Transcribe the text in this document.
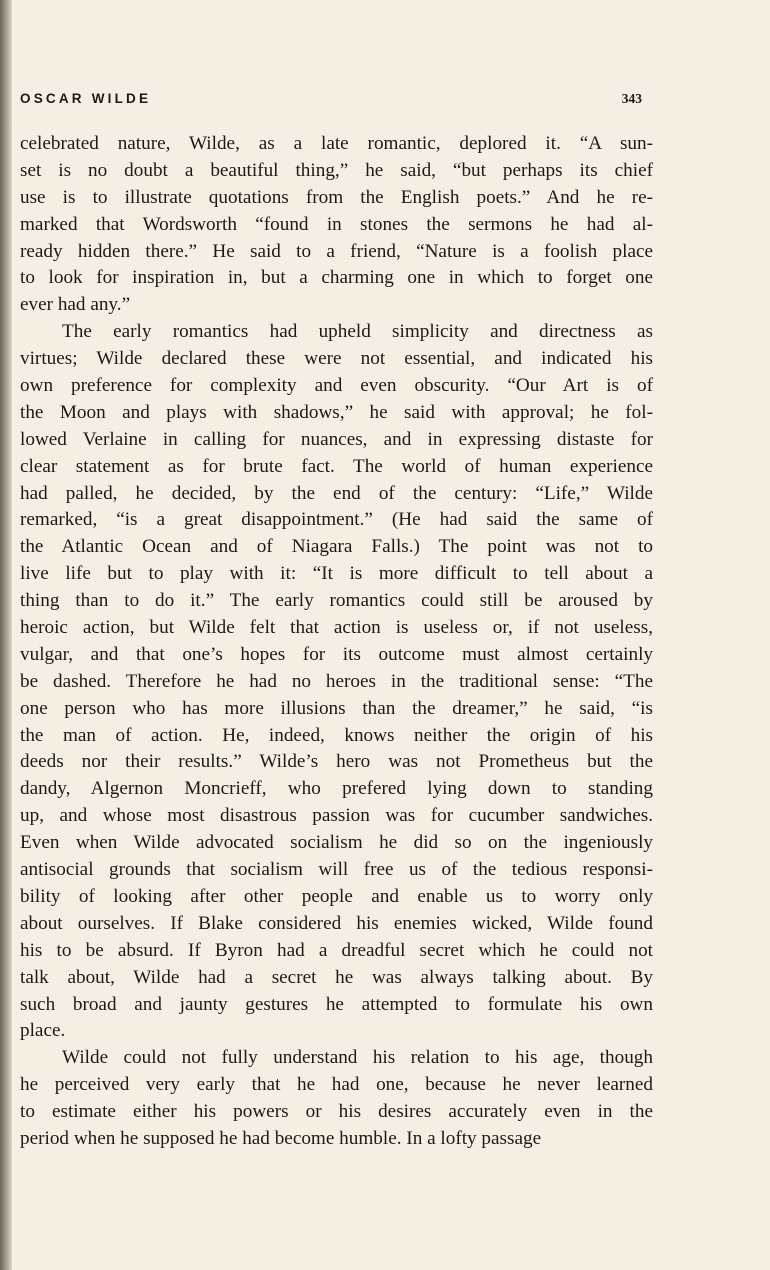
OSCAR WILDE	343
celebrated nature, Wilde, as a late romantic, deplored it. “A sun-
set is no doubt a beautiful thing,” he said, “but perhaps its chief
use is to illustrate quotations from the English poets.” And he re-
marked that Wordsworth “found in stones the sermons he had al-
ready hidden there.” He said to a friend, “Nature is a foolish place
to look for inspiration in, but a charming one in which to forget one
ever had any.”
The early romantics had upheld simplicity and directness as
virtues; Wilde declared these were not essential, and indicated his
own preference for complexity and even obscurity. “Our Art is of
the Moon and plays with shadows,” he said with approval; he fol-
lowed Verlaine in calling for nuances, and in expressing distaste for
clear statement as for brute fact. The world of human experience
had palled, he decided, by the end of the century: “Life,” Wilde
remarked, “is a great disappointment.” (He had said the same of
the Atlantic Ocean and of Niagara Falls.) The point was not to
live life but to play with it: “It is more difficult to tell about a
thing than to do it.” The early romantics could still be aroused by
heroic action, but Wilde felt that action is useless or, if not useless,
vulgar, and that one’s hopes for its outcome must almost certainly
be dashed. Therefore he had no heroes in the traditional sense: “The
one person who has more illusions than the dreamer,” he said, “is
the man of action. He, indeed, knows neither the origin of his
deeds nor their results.” Wilde’s hero was not Prometheus but the
dandy, Algernon Moncrieff, who prefered lying down to standing
up, and whose most disastrous passion was for cucumber sandwiches.
Even when Wilde advocated socialism he did so on the ingeniously
antisocial grounds that socialism will free us of the tedious responsi-
bility of looking after other people and enable us to worry only
about ourselves. If Blake considered his enemies wicked, Wilde found
his to be absurd. If Byron had a dreadful secret which he could not
talk about, Wilde had a secret he was always talking about. By
such broad and jaunty gestures he attempted to formulate his own
place.
Wilde could not fully understand his relation to his age, though
he perceived very early that he had one, because he never learned
to estimate either his powers or his desires accurately even in the
period when he supposed he had become humble. In a lofty passage
